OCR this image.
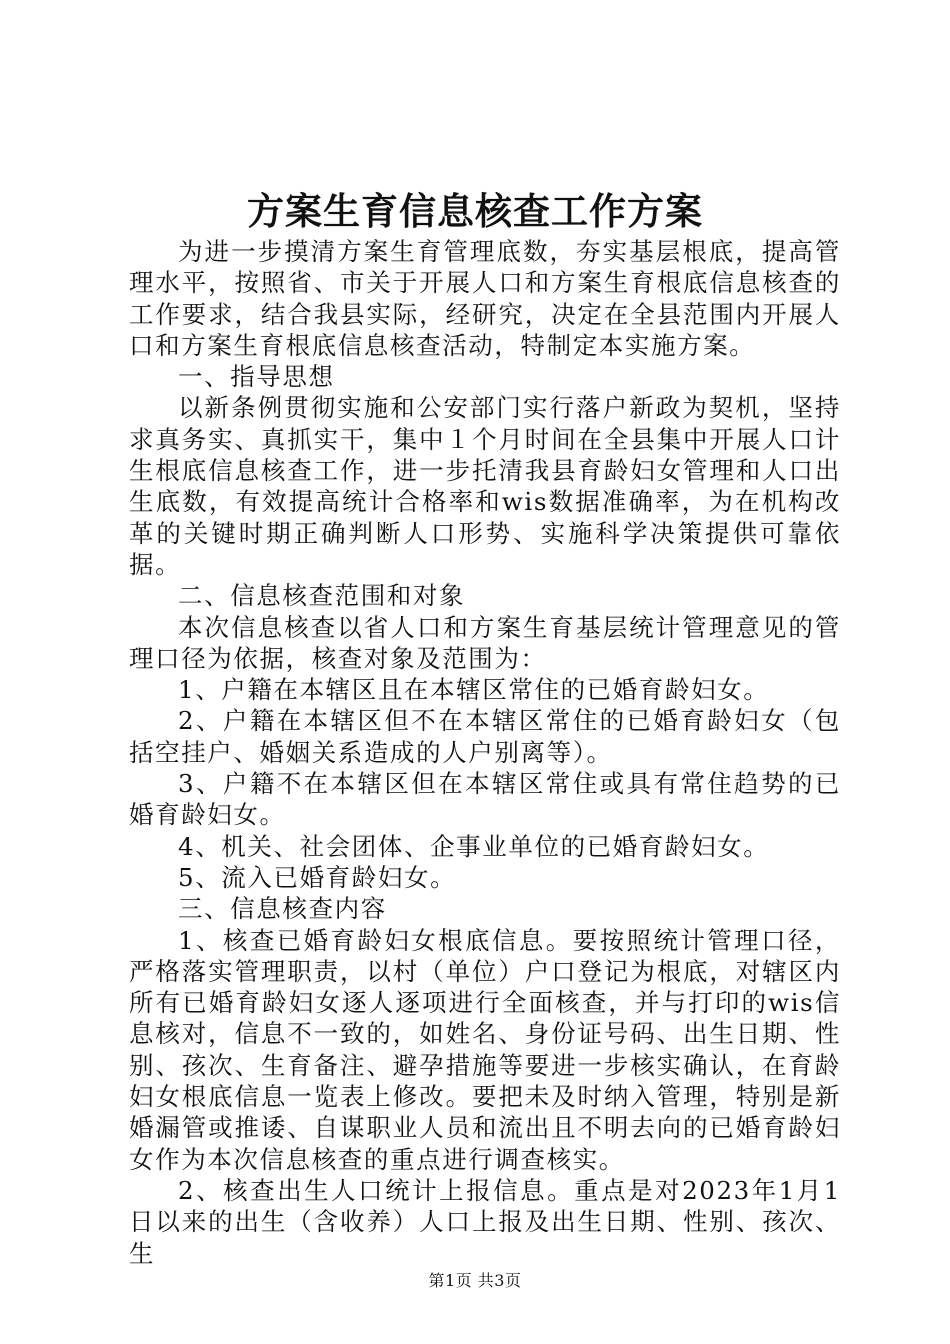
方案生育信息核查工作方案

为进一步摸清方案生育管理底数，夯实基层根底，提高管理水平，按照省、市关于开展人口和方案生育根底信息核查的工作要求，结合我县实际，经研究，决定在全县范围内开展人口和方案生育根底信息核查活动，特制定本实施方案。

一、指导思想

以新条例贯彻实施和公安部门实行落户新政为契机，坚持求真务实、真抓实干，集中１个月时间在全县集中开展人口计生根底信息核查工作，进一步托清我县育龄妇女管理和人口出生底数，有效提高统计合格率和wis数据准确率，为在机构改革的关键时期正确判断人口形势、实施科学决策提供可靠依据。

二、信息核查范围和对象

本次信息核查以省人口和方案生育基层统计管理意见的管理口径为依据，核查对象及范围为：

1、户籍在本辖区且在本辖区常住的已婚育龄妇女。

2、户籍在本辖区但不在本辖区常住的已婚育龄妇女（包括空挂户、婚姻关系造成的人户别离等）。

3、户籍不在本辖区但在本辖区常住或具有常住趋势的已婚育龄妇女。

4、机关、社会团体、企事业单位的已婚育龄妇女。

5、流入已婚育龄妇女。

三、信息核查内容

1、核查已婚育龄妇女根底信息。要按照统计管理口径，严格落实管理职责，以村（单位）户口登记为根底，对辖区内所有已婚育龄妇女逐人逐项进行全面核查，并与打印的wis信息核对，信息不一致的，如姓名、身份证号码、出生日期、性别、孩次、生育备注、避孕措施等要进一步核实确认，在育龄妇女根底信息一览表上修改。要把未及时纳入管理，特别是新婚漏管或推诿、自谋职业人员和流出且不明去向的已婚育龄妇女作为本次信息核查的重点进行调查核实。

2、核查出生人口统计上报信息。重点是对2023年1月1日以来的出生（含收养）人口上报及出生日期、性别、孩次、生

第1页 共3页
